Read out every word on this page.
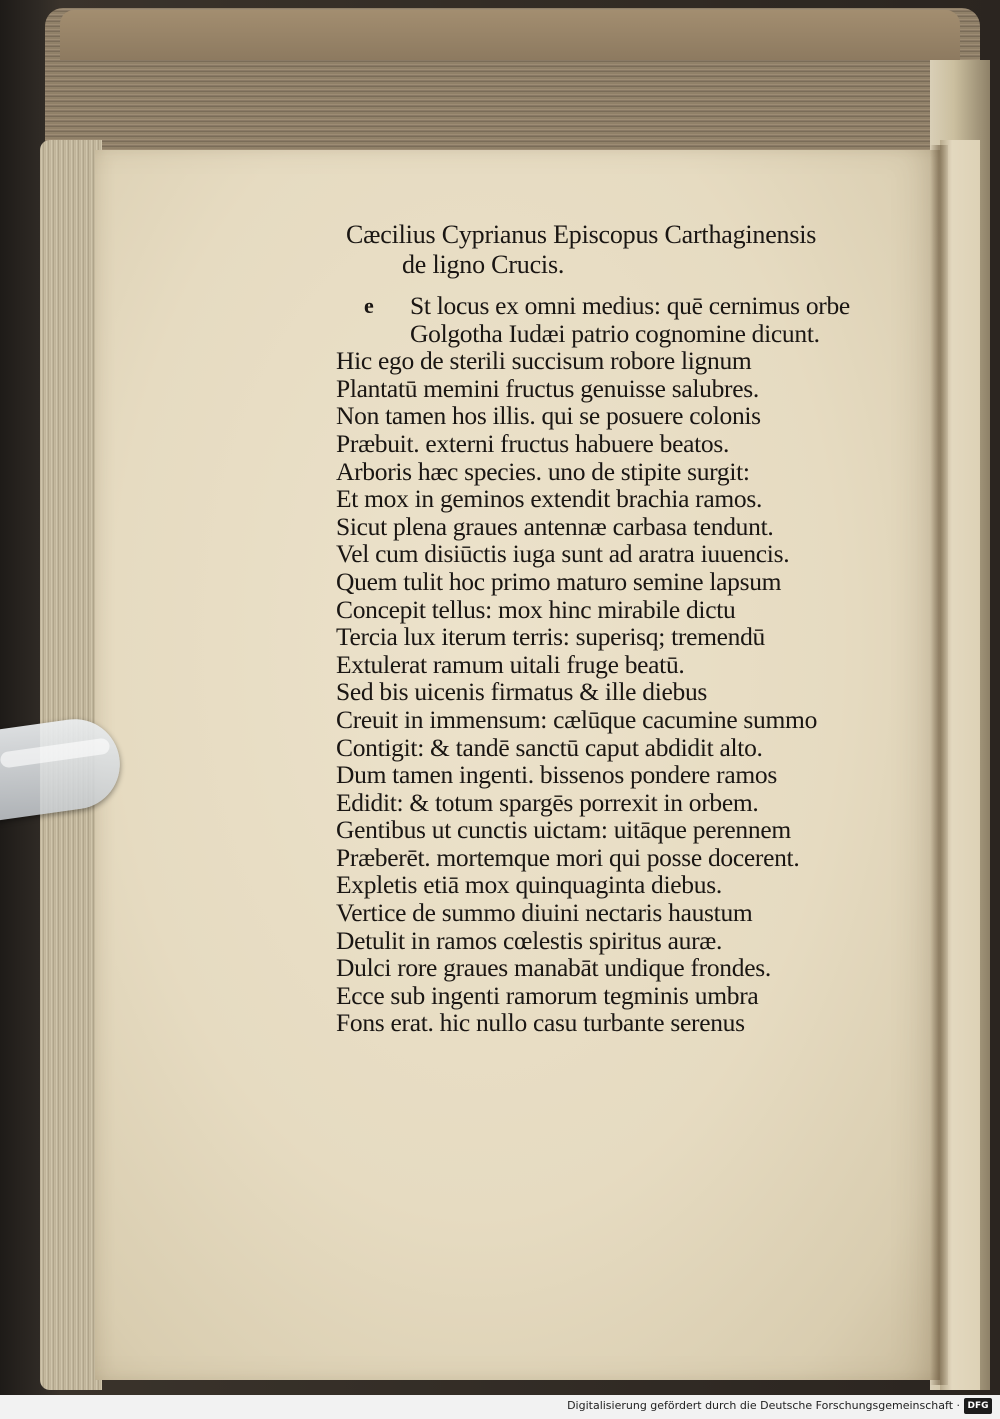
Cæcilius Cyprianus Episcopus Carthaginensis
de ligno Crucis.
e St locus ex omni medius: quē cernimus orbe
Golgotha Iudæi patrio cognomine dicunt.
Hic ego de sterili succisum robore lignum
Plantatū memini fructus genuisse salubres.
Non tamen hos illis. qui se posuere colonis
Præbuit. externi fructus habuere beatos.
Arboris hæc species. uno de stipite surgit:
Et mox in geminos extendit brachia ramos.
Sicut plena graues antennæ carbasa tendunt.
Vel cum disiūctis iuga sunt ad aratra iuuencis.
Quem tulit hoc primo maturo semine lapsum
Concepit tellus: mox hinc mirabile dictu
Tercia lux iterum terris: superisq; tremendū
Extulerat ramum uitali fruge beatū.
Sed bis uicenis firmatus & ille diebus
Creuit in immensum: cælūque cacumine summo
Contigit: & tandē sanctū caput abdidit alto.
Dum tamen ingenti. bissenos pondere ramos
Edidit: & totum spargēs porrexit in orbem.
Gentibus ut cunctis uictam: uitāque perennem
Præberēt. mortemque mori qui posse docerent.
Expletis etiā mox quinquaginta diebus.
Vertice de summo diuini nectaris haustum
Detulit in ramos cœlestis spiritus auræ.
Dulci rore graues manabāt undique frondes.
Ecce sub ingenti ramorum tegminis umbra
Fons erat. hic nullo casu turbante serenus
Digitalisierung gefördert durch die Deutsche Forschungsgemeinschaft · DFG
